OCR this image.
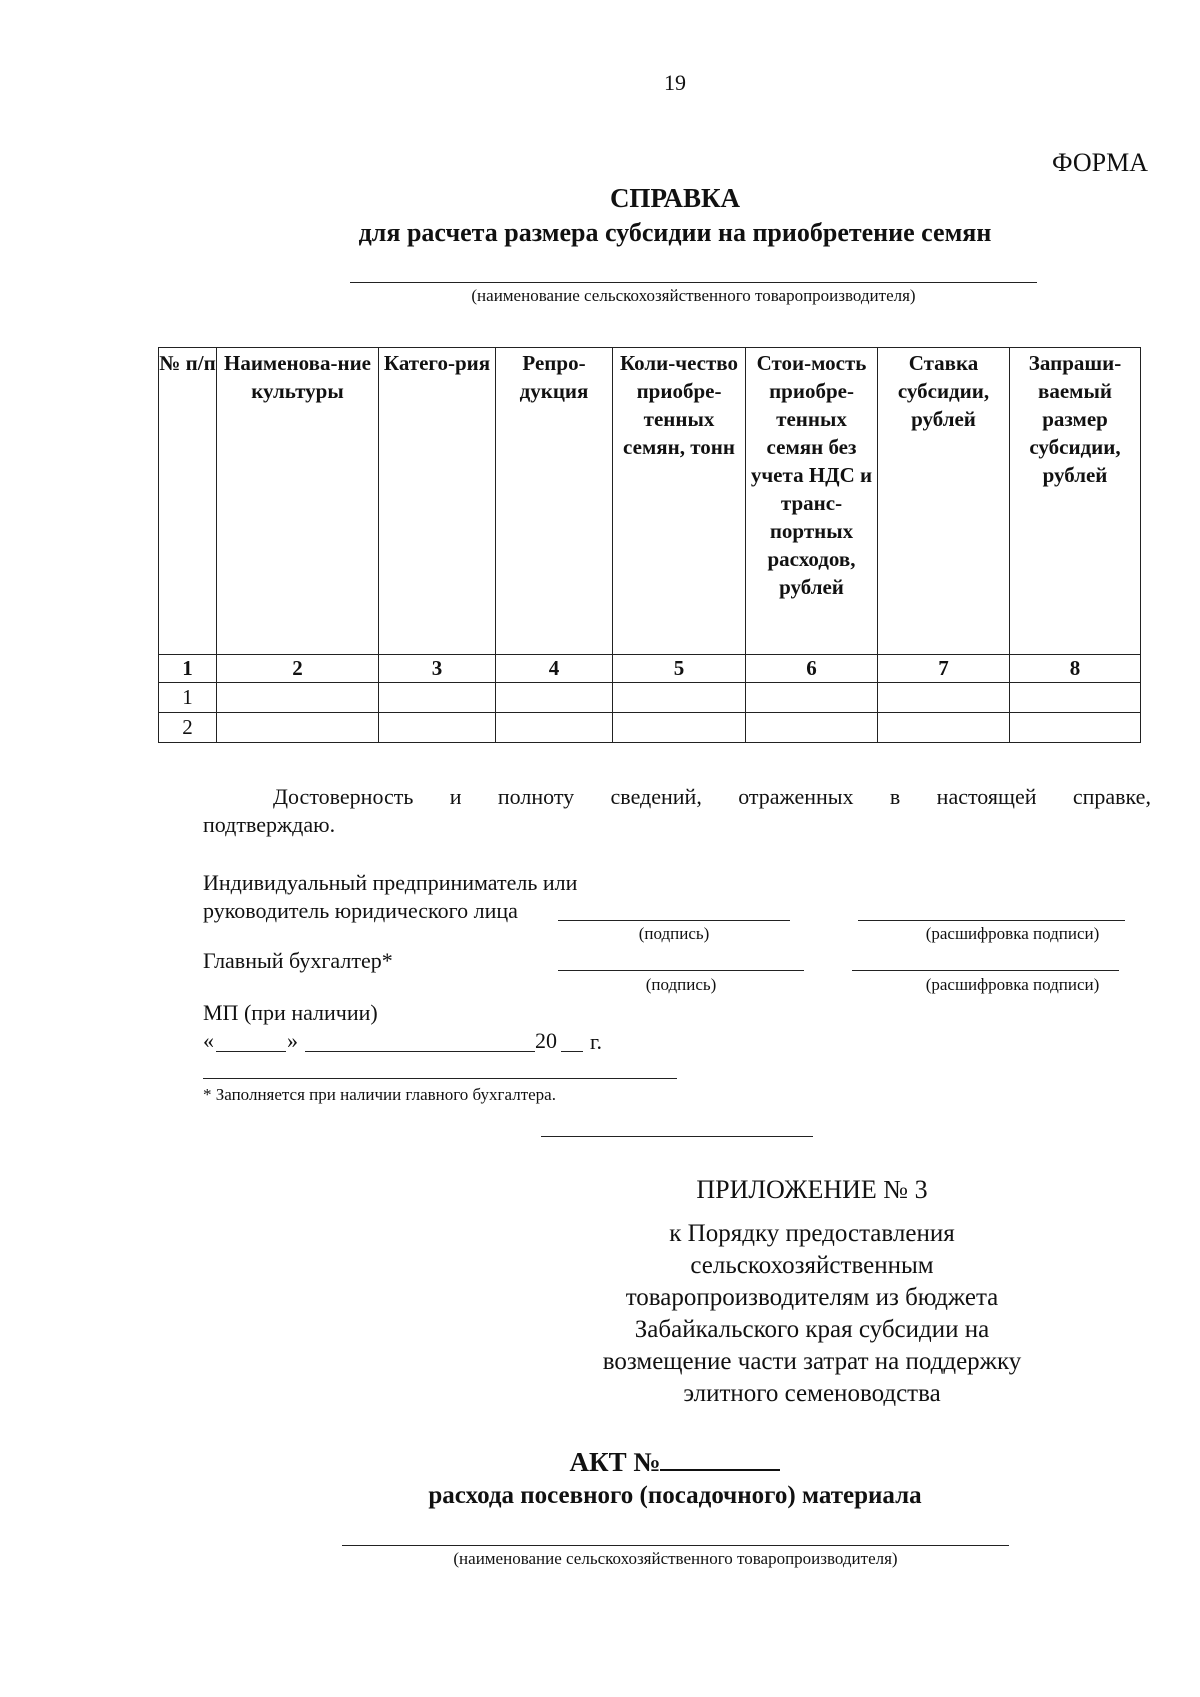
19
ФОРМА
СПРАВКА
для расчета размера субсидии на приобретение семян
(наименование сельскохозяйственного товаропроизводителя)
№ п/п	Наименова-ние культуры	Катего-рия	Репро-дукция	Коли-чество приобре-тенных семян, тонн	Стои-мость приобре-тенных семян без учета НДС и транс-портных расходов, рублей	Ставка субсидии, рублей	Запраши-ваемый размер субсидии, рублей
1	2	3	4	5	6	7	8
1							
2							
Достоверность и полноту сведений, отраженных в настоящей справке,
подтверждаю.
Индивидуальный предприниматель или
руководитель юридического лица
(подпись)	(расшифровка подписи)
Главный бухгалтер*
(подпись)	(расшифровка подписи)
МП (при наличии)
«	»	20 г.
* Заполняется при наличии главного бухгалтера.
ПРИЛОЖЕНИЕ № 3
к Порядку предоставления
сельскохозяйственным
товаропроизводителям из бюджета
Забайкальского края субсидии на
возмещение части затрат на поддержку
элитного семеноводства
АКТ №
расхода посевного (посадочного) материала
(наименование сельскохозяйственного товаропроизводителя)
